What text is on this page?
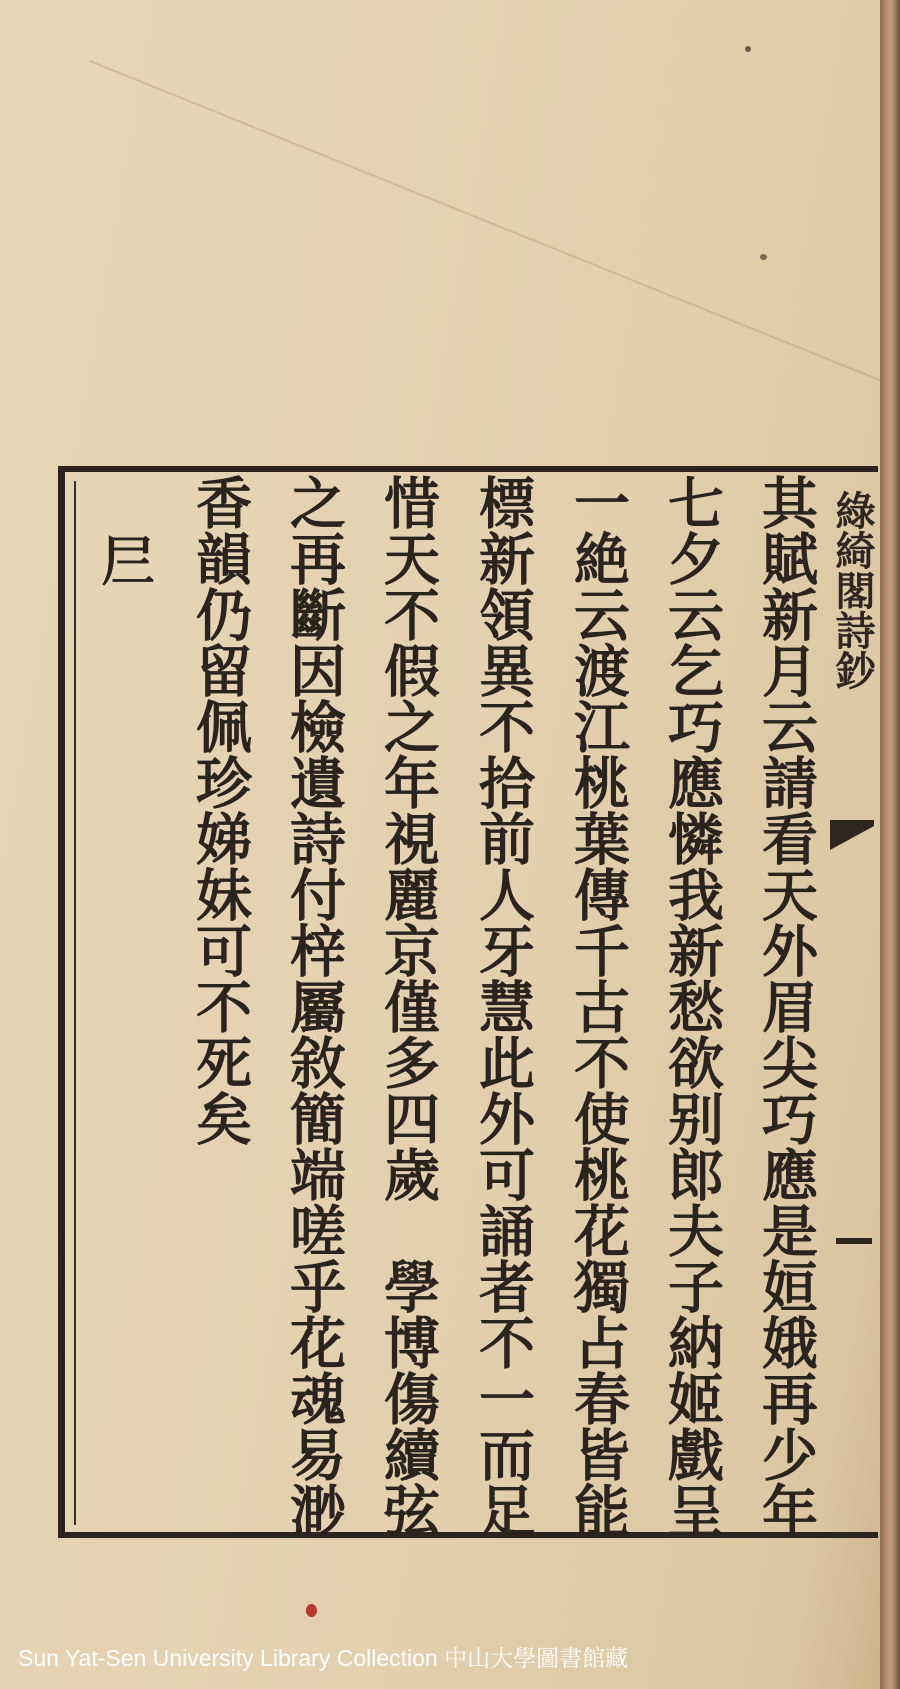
綠綺閣詩鈔
其賦新月云請看天外眉尖巧應是姮娥再少年
七夕云乞巧應憐我新愁欲别郎夫子納姬戲呈
一絶云渡江桃葉傳千古不使桃花獨占春皆能
標新領異不拾前人牙慧此外可誦者不一而足
惜天不假之年視麗京僅多四歲　學博傷續弦
之再斷因檢遺詩付梓屬敘簡端嗟乎花魂易渺
香韻仍留佩珍娣妹可不死矣
𡰥
Sun Yat-Sen University Library Collection 中山大學圖書館藏
